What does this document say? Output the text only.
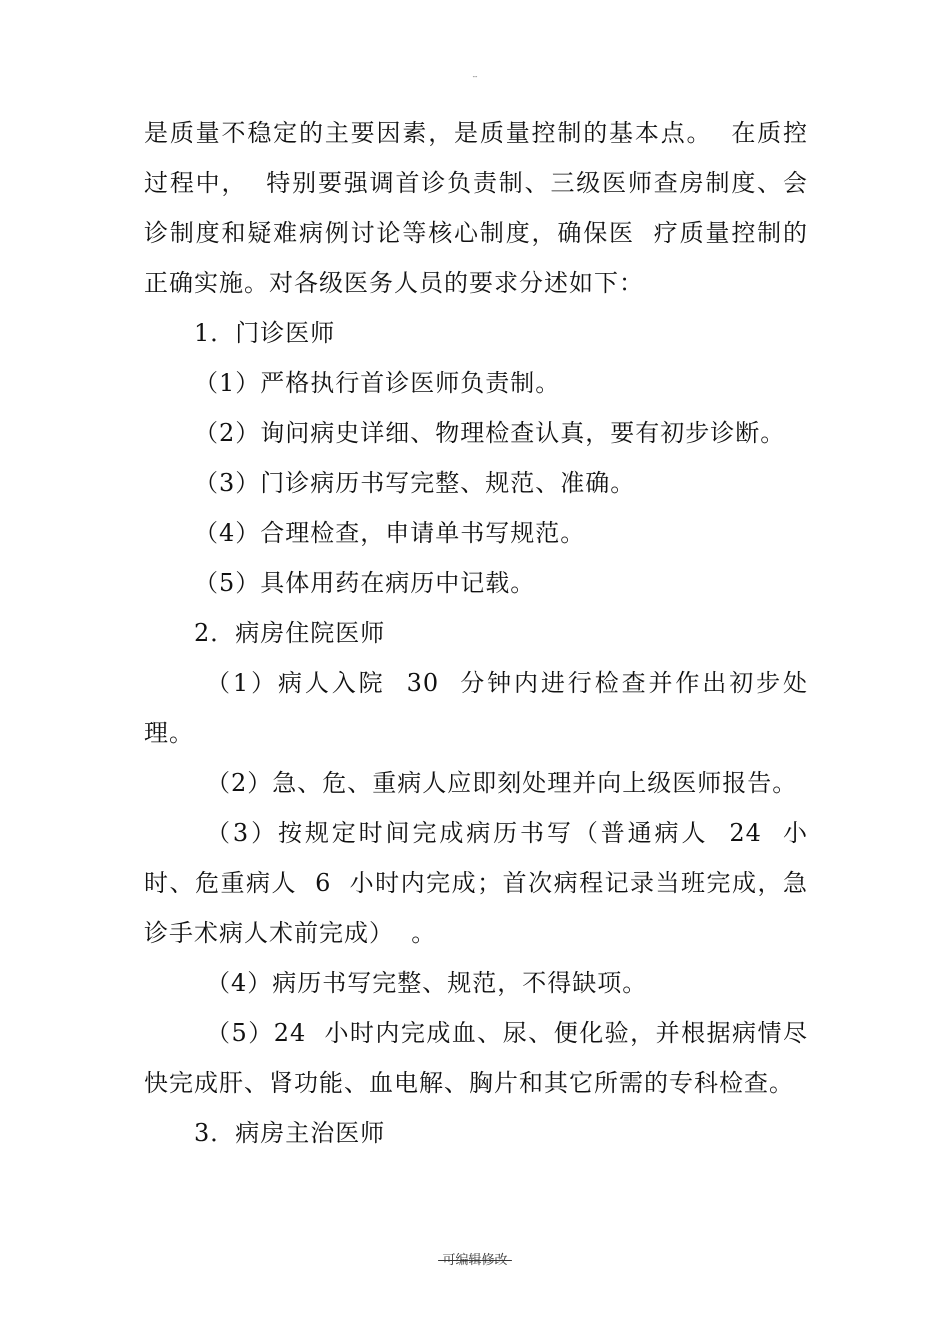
--

是质量不稳定的主要因素，是质量控制的基本点。  在质控过程中，  特别要强调首诊负责制、三级医师查房制度、会诊制度和疑难病例讨论等核心制度，确保医  疗质量控制的正确实施。对各级医务人员的要求分述如下：

1．门诊医师

（1）严格执行首诊医师负责制。

（2）询问病史详细、物理检查认真，要有初步诊断。

（3）门诊病历书写完整、规范、准确。

（4）合理检查，申请单书写规范。

（5）具体用药在病历中记载。

2．病房住院医师

（1）病人入院  30  分钟内进行检查并作出初步处理。

（2）急、危、重病人应即刻处理并向上级医师报告。

（3）按规定时间完成病历书写（普通病人  24  小时、危重病人  6  小时内完成；首次病程记录当班完成，急诊手术病人术前完成）  。

（4）病历书写完整、规范，不得缺项。

（5）24  小时内完成血、尿、便化验，并根据病情尽快完成肝、肾功能、血电解、胸片和其它所需的专科检查。

3．病房主治医师

-可编辑修改-
